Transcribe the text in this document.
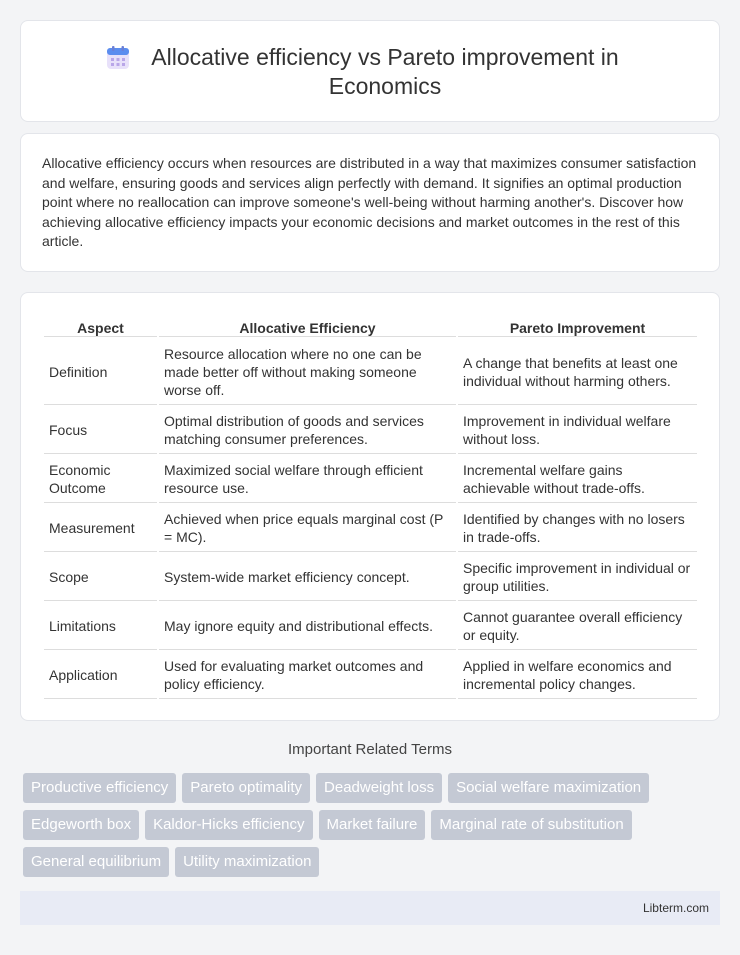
Allocative efficiency vs Pareto improvement in Economics

Allocative efficiency occurs when resources are distributed in a way that maximizes consumer satisfaction and welfare, ensuring goods and services align perfectly with demand. It signifies an optimal production point where no reallocation can improve someone's well-being without harming another's. Discover how achieving allocative efficiency impacts your economic decisions and market outcomes in the rest of this article.

Aspect	Allocative Efficiency	Pareto Improvement
Definition	Resource allocation where no one can be made better off without making someone worse off.	A change that benefits at least one individual without harming others.
Focus	Optimal distribution of goods and services matching consumer preferences.	Improvement in individual welfare without loss.
Economic Outcome	Maximized social welfare through efficient resource use.	Incremental welfare gains achievable without trade-offs.
Measurement	Achieved when price equals marginal cost (P = MC).	Identified by changes with no losers in trade-offs.
Scope	System-wide market efficiency concept.	Specific improvement in individual or group utilities.
Limitations	May ignore equity and distributional effects.	Cannot guarantee overall efficiency or equity.
Application	Used for evaluating market outcomes and policy efficiency.	Applied in welfare economics and incremental policy changes.
Important Related Terms
Productive efficiency	Pareto optimality	Deadweight loss	Social welfare maximization
Edgeworth box	Kaldor-Hicks efficiency	Market failure	Marginal rate of substitution
General equilibrium	Utility maximization
Libterm.com
